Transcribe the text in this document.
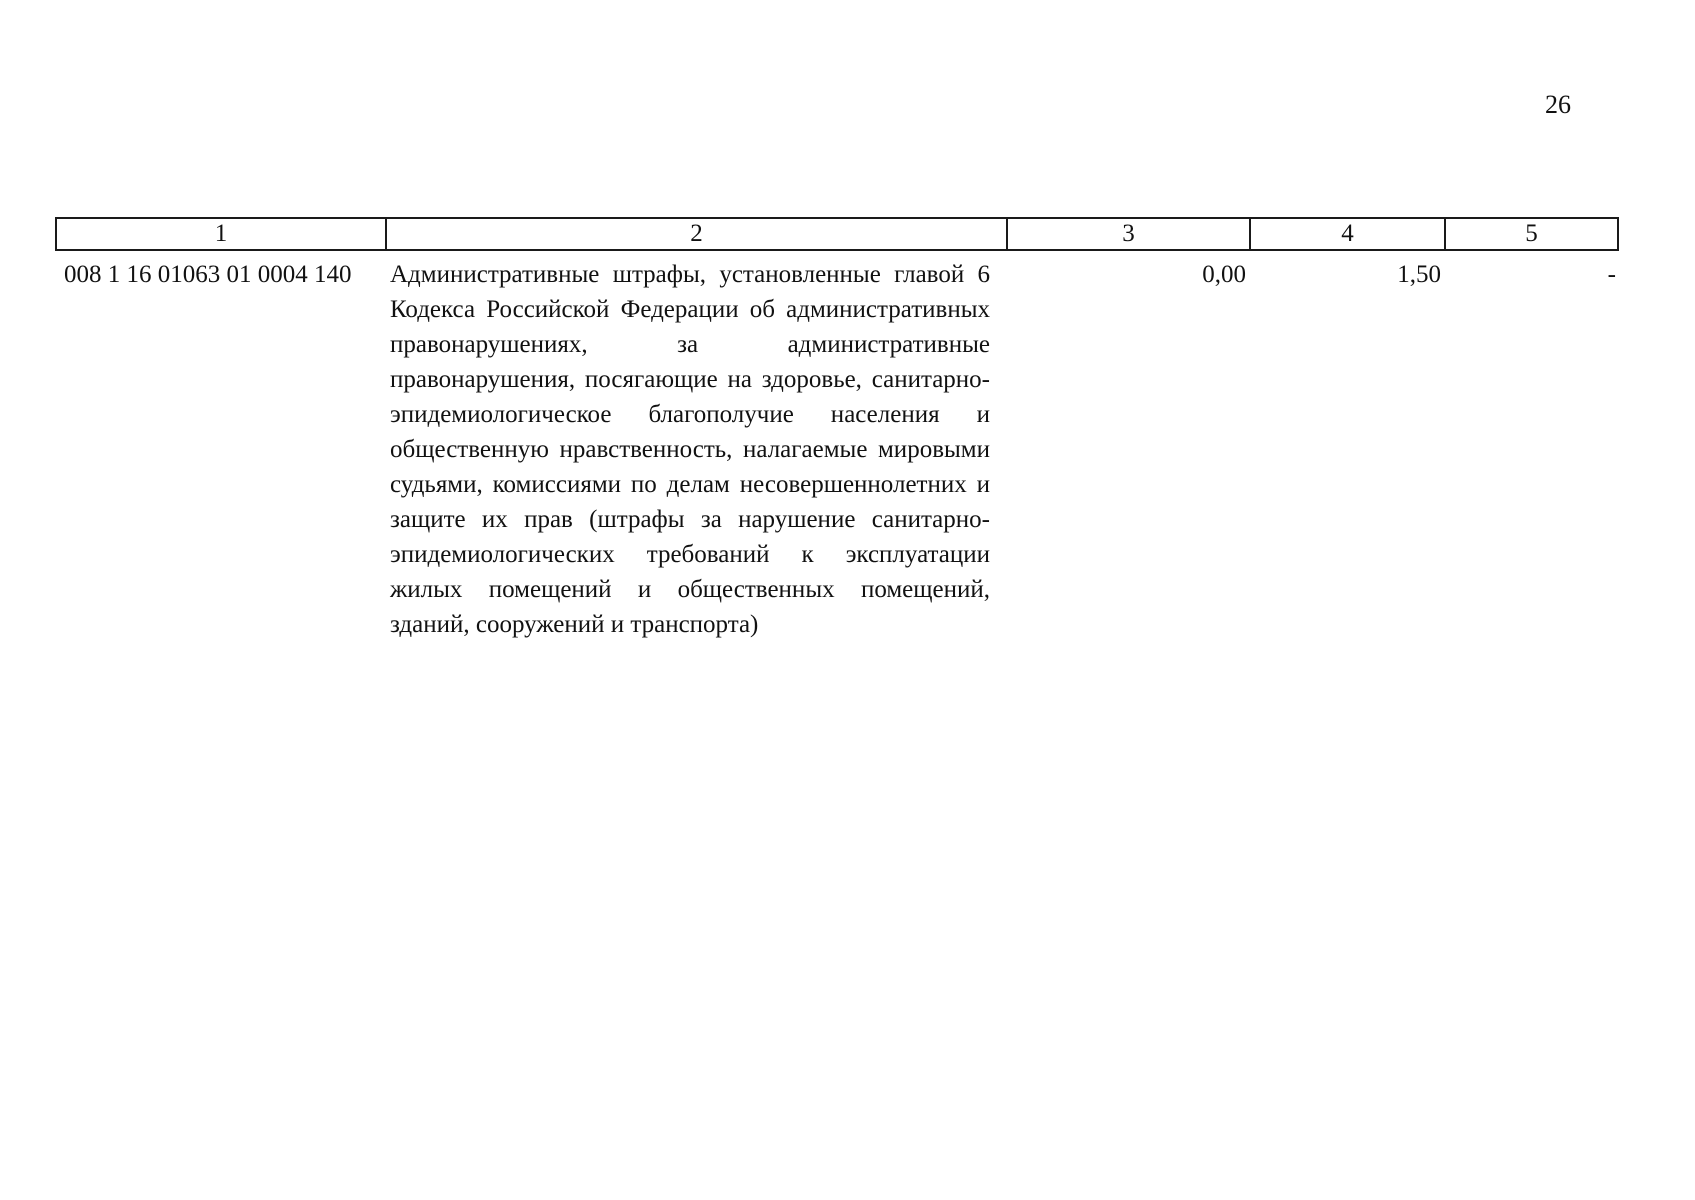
26
1	2	3	4	5
008 1 16 01063 01 0004 140	Административные штрафы, установленные главой 6 Кодекса Российской Федерации об административных правонарушениях, за административные правонарушения, посягающие на здоровье, санитарно-эпидемиологическое благополучие населения и общественную нравственность, налагаемые мировыми судьями, комиссиями по делам несовершеннолетних и защите их прав (штрафы за нарушение санитарно-эпидемиологических требований к эксплуатации жилых помещений и общественных помещений, зданий, сооружений и транспорта)	0,00	1,50	-
